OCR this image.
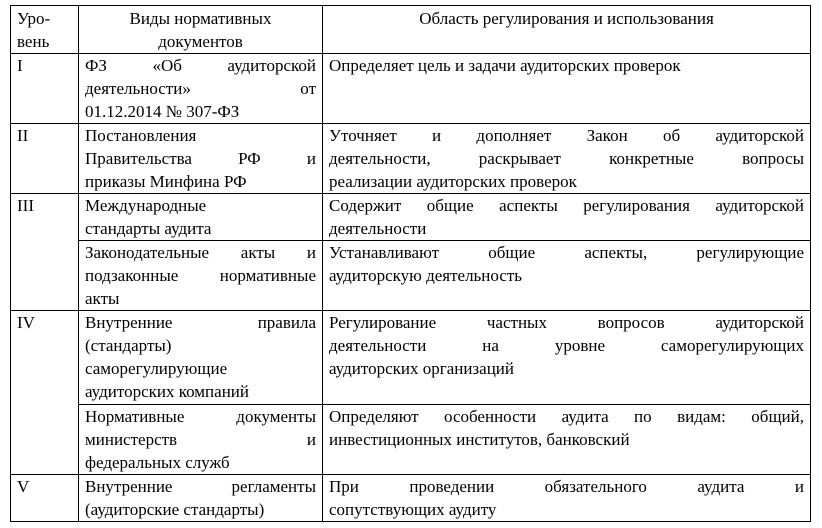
Уро-
вень	Виды нормативных
документов	Область регулирования и использования

I	ФЗ «Об аудиторской
деятельности» от
01.12.2014 № 307-ФЗ	Определяет цель и задачи аудиторских проверок

II	Постановления
Правительства РФ и
приказы Минфина РФ	Уточняет и дополняет Закон об аудиторской
деятельности, раскрывает конкретные вопросы
реализации аудиторских проверок

III	Международные
стандарты аудита	Содержит общие аспекты регулирования аудиторской
деятельности

	Законодательные акты и
подзаконные нормативные
акты	Устанавливают общие аспекты, регулирующие
аудиторскую деятельность

IV	Внутренние правила
(стандарты)
саморегулирующие
аудиторских компаний	Регулирование частных вопросов аудиторской
деятельности на уровне саморегулирующих
аудиторских организаций

	Нормативные документы
министерств и
федеральных служб	Определяют особенности аудита по видам: общий,
инвестиционных институтов, банковский

V	Внутренние регламенты
(аудиторские стандарты)	При проведении обязательного аудита и
сопутствующих аудиту
